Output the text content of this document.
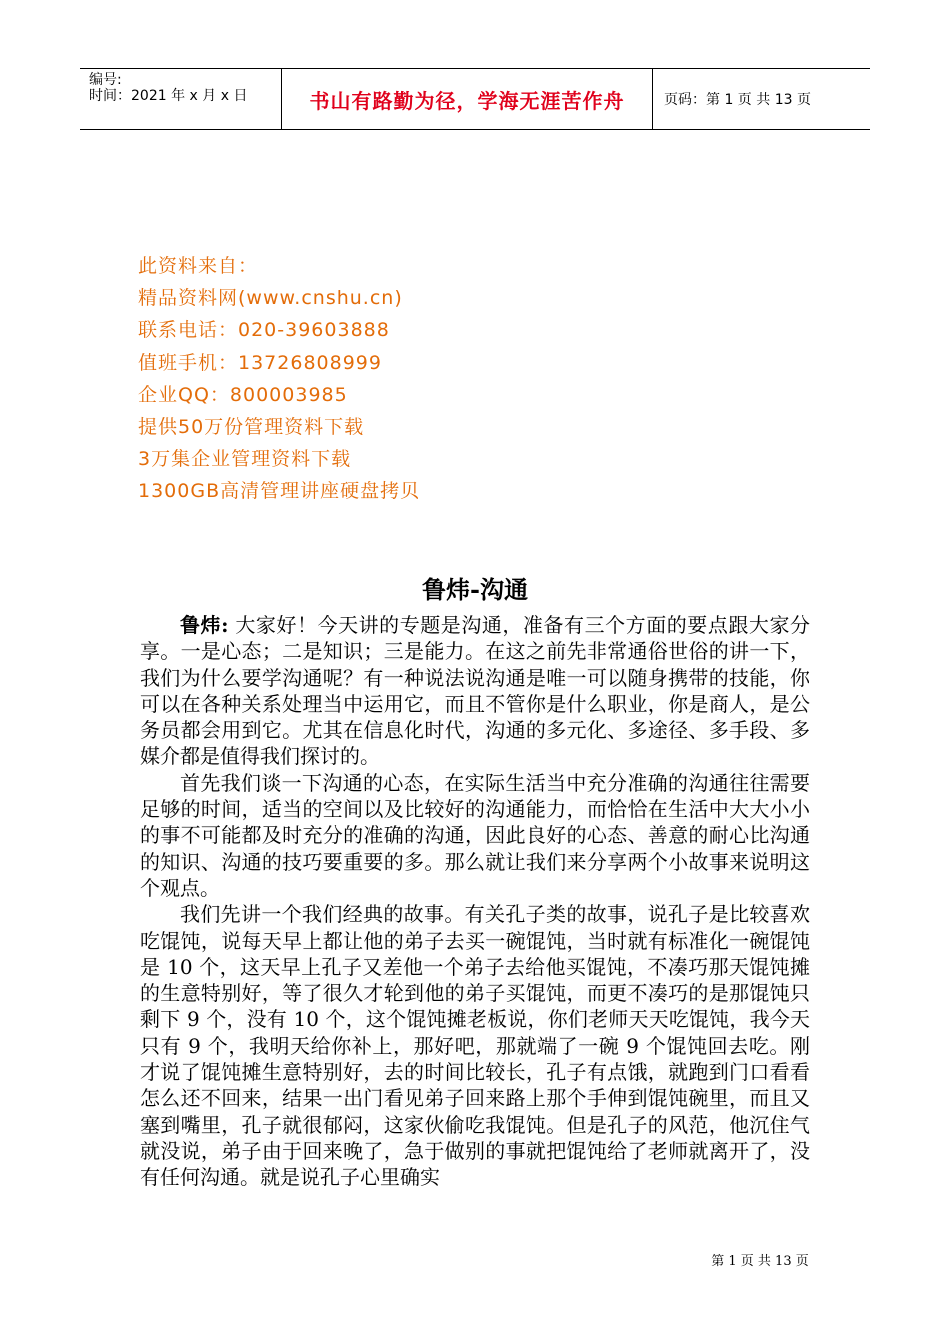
编号:
时间：2021 年 x 月 x 日	书山有路勤为径，学海无涯苦作舟	页码：第 1 页 共 13 页
此资料来自：
精品资料网(www.cnshu.cn)
联系电话：020-39603888
值班手机：13726808999
企业QQ：800003985
提供50万份管理资料下载
3万集企业管理资料下载
1300GB高清管理讲座硬盘拷贝
鲁炜-沟通

鲁炜: 大家好！今天讲的专题是沟通，准备有三个方面的要点跟大家分享。一是心态；二是知识；三是能力。在这之前先非常通俗世俗的讲一下，我们为什么要学沟通呢？有一种说法说沟通是唯一可以随身携带的技能，你可以在各种关系处理当中运用它，而且不管你是什么职业，你是商人，是公务员都会用到它。尤其在信息化时代，沟通的多元化、多途径、多手段、多媒介都是值得我们探讨的。

首先我们谈一下沟通的心态，在实际生活当中充分准确的沟通往往需要足够的时间，适当的空间以及比较好的沟通能力，而恰恰在生活中大大小小的事不可能都及时充分的准确的沟通，因此良好的心态、善意的耐心比沟通的知识、沟通的技巧要重要的多。那么就让我们来分享两个小故事来说明这个观点。

我们先讲一个我们经典的故事。有关孔子类的故事，说孔子是比较喜欢吃馄饨，说每天早上都让他的弟子去买一碗馄饨，当时就有标准化一碗馄饨是 10 个，这天早上孔子又差他一个弟子去给他买馄饨，不凑巧那天馄饨摊的生意特别好，等了很久才轮到他的弟子买馄饨，而更不凑巧的是那馄饨只剩下 9 个，没有 10 个，这个馄饨摊老板说，你们老师天天吃馄饨，我今天只有 9 个，我明天给你补上，那好吧，那就端了一碗 9 个馄饨回去吃。刚才说了馄饨摊生意特别好，去的时间比较长，孔子有点饿，就跑到门口看看怎么还不回来，结果一出门看见弟子回来路上那个手伸到馄饨碗里，而且又塞到嘴里，孔子就很郁闷，这家伙偷吃我馄饨。但是孔子的风范，他沉住气就没说，弟子由于回来晚了，急于做别的事就把馄饨给了老师就离开了，没有任何沟通。就是说孔子心里确实

第 1 页 共 13 页
